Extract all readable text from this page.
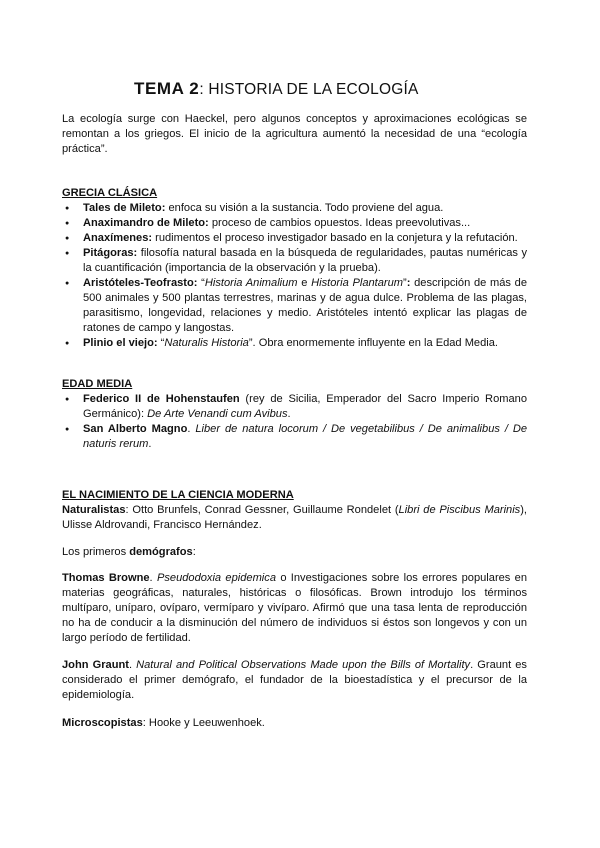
TEMA 2: HISTORIA DE LA ECOLOGÍA
La ecología surge con Haeckel, pero algunos conceptos y aproximaciones ecológicas se remontan a los griegos. El inicio de la agricultura aumentó la necesidad de una “ecología práctica”.
GRECIA CLÁSICA
● Tales de Mileto: enfoca su visión a la sustancia. Todo proviene del agua.
● Anaximandro de Mileto: proceso de cambios opuestos. Ideas preevolutivas...
● Anaxímenes: rudimentos el proceso investigador basado en la conjetura y la refutación.
● Pitágoras: filosofía natural basada en la búsqueda de regularidades, pautas numéricas y la cuantificación (importancia de la observación y la prueba).
● Aristóteles-Teofrasto: “Historia Animalium e Historia Plantarum”: descripción de más de 500 animales y 500 plantas terrestres, marinas y de agua dulce. Problema de las plagas, parasitismo, longevidad, relaciones y medio. Aristóteles intentó explicar las plagas de ratones de campo y langostas.
● Plinio el viejo: “Naturalis Historia”. Obra enormemente influyente en la Edad Media.
EDAD MEDIA
● Federico II de Hohenstaufen (rey de Sicilia, Emperador del Sacro Imperio Romano Germánico): De Arte Venandi cum Avibus.
● San Alberto Magno. Liber de natura locorum / De vegetabilibus / De animalibus / De naturis rerum.
EL NACIMIENTO DE LA CIENCIA MODERNA
Naturalistas: Otto Brunfels, Conrad Gessner, Guillaume Rondelet (Libri de Piscibus Marinis), Ulisse Aldrovandi, Francisco Hernández.
Los primeros demógrafos:
Thomas Browne. Pseudodoxia epidemica o Investigaciones sobre los errores populares en materias geográficas, naturales, históricas o filosóficas. Brown introdujo los términos multíparo, uníparo, ovíparo, vermíparo y vivíparo. Afirmó que una tasa lenta de reproducción no ha de conducir a la disminución del número de individuos si éstos son longevos y con un largo período de fertilidad.
John Graunt. Natural and Political Observations Made upon the Bills of Mortality. Graunt es considerado el primer demógrafo, el fundador de la bioestadística y el precursor de la epidemiología.
Microscopistas: Hooke y Leeuwenhoek.
